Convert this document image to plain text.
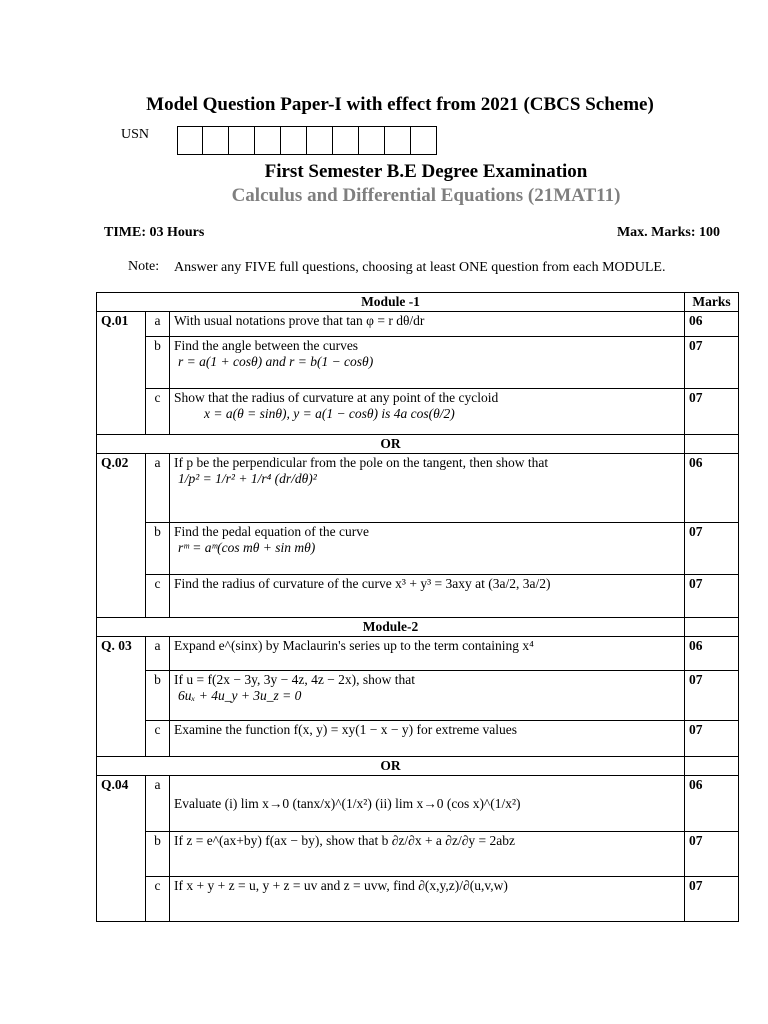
Model Question Paper-I with effect from 2021 (CBCS Scheme)
USN
First Semester B.E Degree Examination
Calculus and Differential Equations (21MAT11)
TIME: 03 Hours	Max. Marks: 100
Note: Answer any FIVE full questions, choosing at least ONE question from each MODULE.
Module -1			Marks
Q.01	a	With usual notations prove that tan φ = r dθ/dr	06
	b	Find the angle between the curves
r = a(1 + cosθ) and r = b(1 − cosθ)	07
	c	Show that the radius of curvature at any point of the cycloid
x = a(θ = sinθ), y = a(1 − cosθ) is 4a cos(θ/2)	07
OR			
Q.02	a	If p be the perpendicular from the pole on the tangent, then show that
1/p² = 1/r² + 1/r⁴ (dr/dθ)²	06
	b	Find the pedal equation of the curve
rᵐ = aᵐ(cos mθ + sin mθ)	07
	c	Find the radius of curvature of the curve x³ + y³ = 3axy at (3a/2, 3a/2)	07
Module-2			
Q. 03	a	Expand e^(sinx) by Maclaurin's series up to the term containing x⁴	06
	b	If u = f(2x − 3y, 3y − 4z, 4z − 2x), show that
6uₓ + 4u_y + 3u_z = 0	07
	c	Examine the function f(x, y) = xy(1 − x − y) for extreme values	07
OR			
Q.04	a	Evaluate (i) lim x→0 (tanx/x)^(1/x²) (ii) lim x→0 (cos x)^(1/x²)	06
	b	If z = e^(ax+by) f(ax − by), show that b ∂z/∂x + a ∂z/∂y = 2abz	07
	c	If x + y + z = u, y + z = uv and z = uvw, find ∂(x,y,z)/∂(u,v,w)	07
